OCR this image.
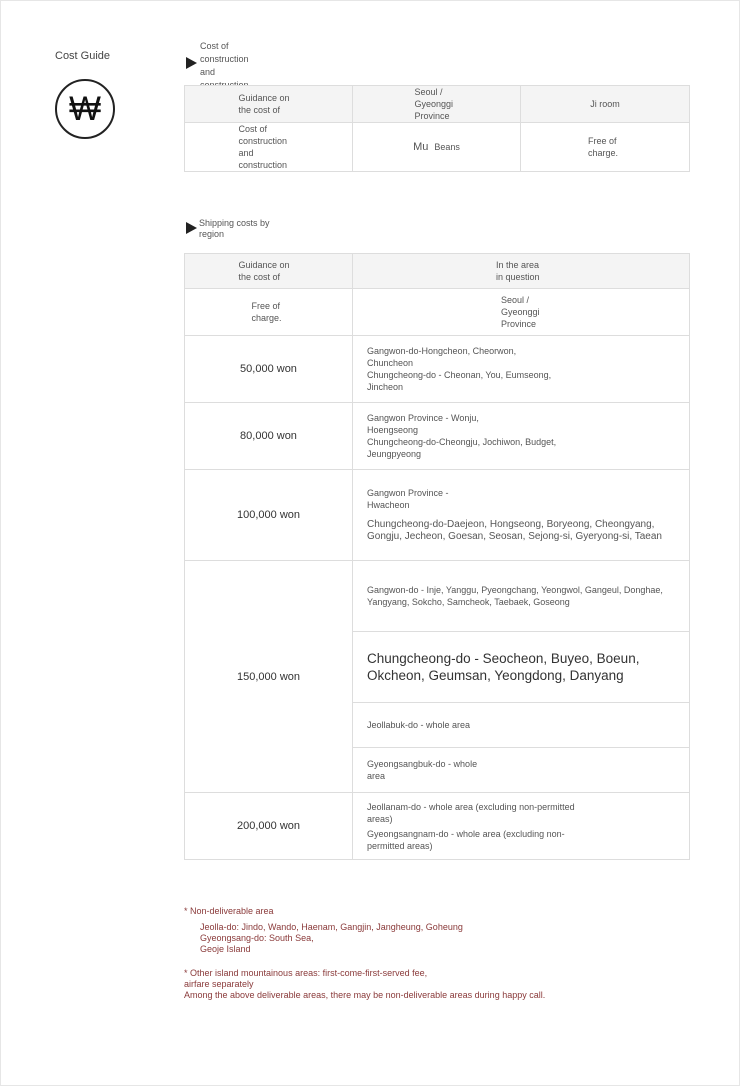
Cost Guide
₩
Cost of construction and
Guidance on the cost of	Seoul / Gyeonggi Province	Ji room
Cost of construction and construction	Mu Beans	Free of charge.
Shipping costs by region
Guidance on the cost of	In the area in question
Free of charge.	Seoul / Gyeonggi Province
50,000 won	Gangwon-do-Hongcheon, Cheorwon, Chuncheon
Chungcheong-do - Cheonan, You, Eumseong, Jincheon

80,000 won	Gangwon Province - Wonju, Hoengseong
Chungcheong-do-Cheongju, Jochiwon, Budget, Jeungpyeong

100,000 won	Gangwon Province - Hwacheon
Chungcheong-do-Daejeon, Hongseong, Boryeong, Cheongyang, Gongju, Jecheon, Goesan, Seosan, Sejong-si, Gyeryong-si, Taean

150,000 won	Gangwon-do - Inje, Yanggu, Pyeongchang, Yeongwol, Gangeul, Donghae, Yangyang, Sokcho, Samcheok, Taebaek, Goseong

	Chungcheong-do - Seocheon, Buyeo, Boeun, Okcheon, Geumsan, Yeongdong, Danyang

	Jeollabuk-do - whole area

	Gyeongsangbuk-do - whole area

200,000 won	Jeollanam-do - whole area (excluding non-permitted areas)
Gyeongsangnam-do - whole area (excluding non-permitted areas)
* Non-deliverable area
Jeolla-do: Jindo, Wando, Haenam, Gangjin, Jangheung, Goheung
Gyeongsang-do: South Sea,
Geoje Island
* Other island mountainous areas: first-come-first-served fee,
airfare separately
Among the above deliverable areas, there may be non-deliverable areas during happy call.
